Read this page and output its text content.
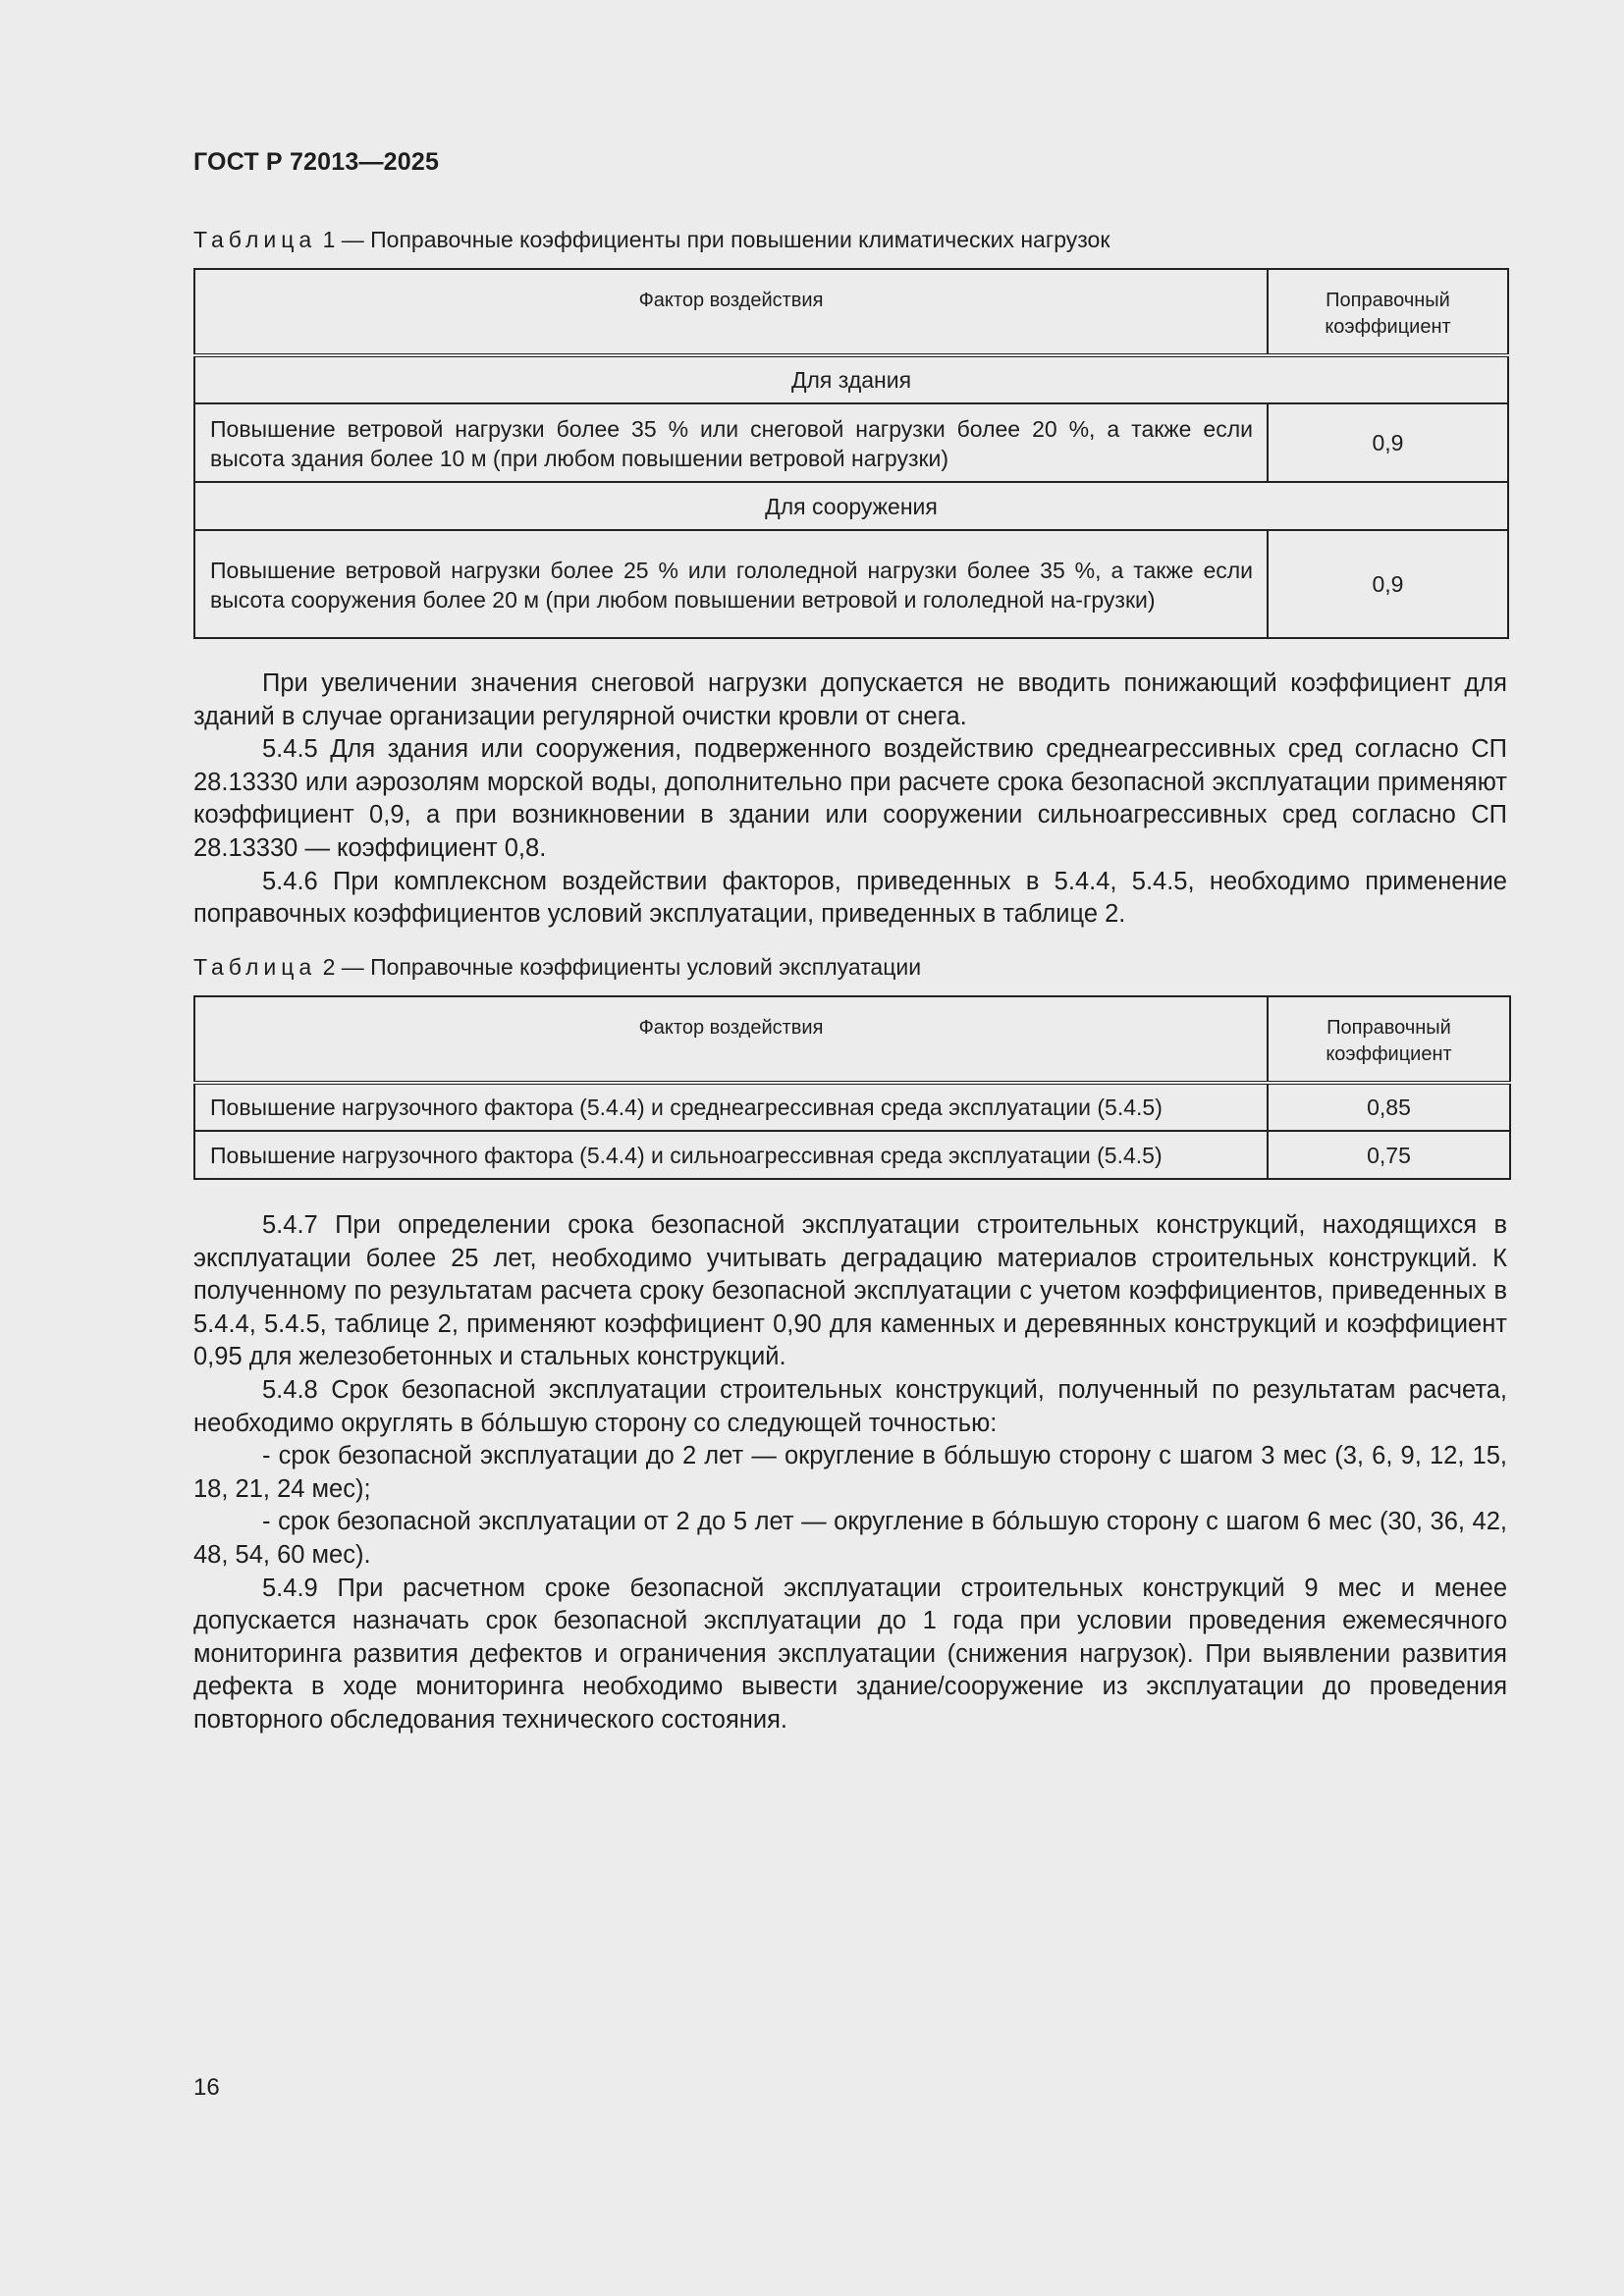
ГОСТ Р 72013—2025
Таблица 1 — Поправочные коэффициенты при повышении климатических нагрузок
Фактор воздействия	Поправочный
коэффициент
Для здания	
Повышение ветровой нагрузки более 35 % или снеговой нагрузки более 20 %, а также если высота здания более 10 м (при любом повышении ветровой нагрузки)	0,9
Для сооружения	
Повышение ветровой нагрузки более 25 % или гололедной нагрузки более 35 %, а также если высота сооружения более 20 м (при любом повышении ветровой и гололедной на-грузки)	0,9

При увеличении значения снеговой нагрузки допускается не вводить понижающий коэффициент для зданий в случае организации регулярной очистки кровли от снега.

5.4.5 Для здания или сооружения, подверженного воздействию среднеагрессивных сред согласно СП 28.13330 или аэрозолям морской воды, дополнительно при расчете срока безопасной эксплуатации применяют коэффициент 0,9, а при возникновении в здании или сооружении сильноагрессивных сред согласно СП 28.13330 — коэффициент 0,8.

5.4.6 При комплексном воздействии факторов, приведенных в 5.4.4, 5.4.5, необходимо применение поправочных коэффициентов условий эксплуатации, приведенных в таблице 2.

Таблица 2 — Поправочные коэффициенты условий эксплуатации
Фактор воздействия	Поправочный
коэффициент
Повышение нагрузочного фактора (5.4.4) и среднеагрессивная среда эксплуатации (5.4.5)	0,85
Повышение нагрузочного фактора (5.4.4) и сильноагрессивная среда эксплуатации (5.4.5)	0,75

5.4.7 При определении срока безопасной эксплуатации строительных конструкций, находящихся в эксплуатации более 25 лет, необходимо учитывать деградацию материалов строительных конструкций. К полученному по результатам расчета сроку безопасной эксплуатации с учетом коэффициентов, приведенных в 5.4.4, 5.4.5, таблице 2, применяют коэффициент 0,90 для каменных и деревянных конструкций и коэффициент 0,95 для железобетонных и стальных конструкций.

5.4.8 Срок безопасной эксплуатации строительных конструкций, полученный по результатам расчета, необходимо округлять в бо́льшую сторону со следующей точностью:

- срок безопасной эксплуатации до 2 лет — округление в бо́льшую сторону с шагом 3 мес (3, 6, 9, 12, 15, 18, 21, 24 мес);

- срок безопасной эксплуатации от 2 до 5 лет — округление в бо́льшую сторону с шагом 6 мес (30, 36, 42, 48, 54, 60 мес).

5.4.9 При расчетном сроке безопасной эксплуатации строительных конструкций 9 мес и менее допускается назначать срок безопасной эксплуатации до 1 года при условии проведения ежемесячного мониторинга развития дефектов и ограничения эксплуатации (снижения нагрузок). При выявлении развития дефекта в ходе мониторинга необходимо вывести здание/сооружение из эксплуатации до проведения повторного обследования технического состояния.

16
